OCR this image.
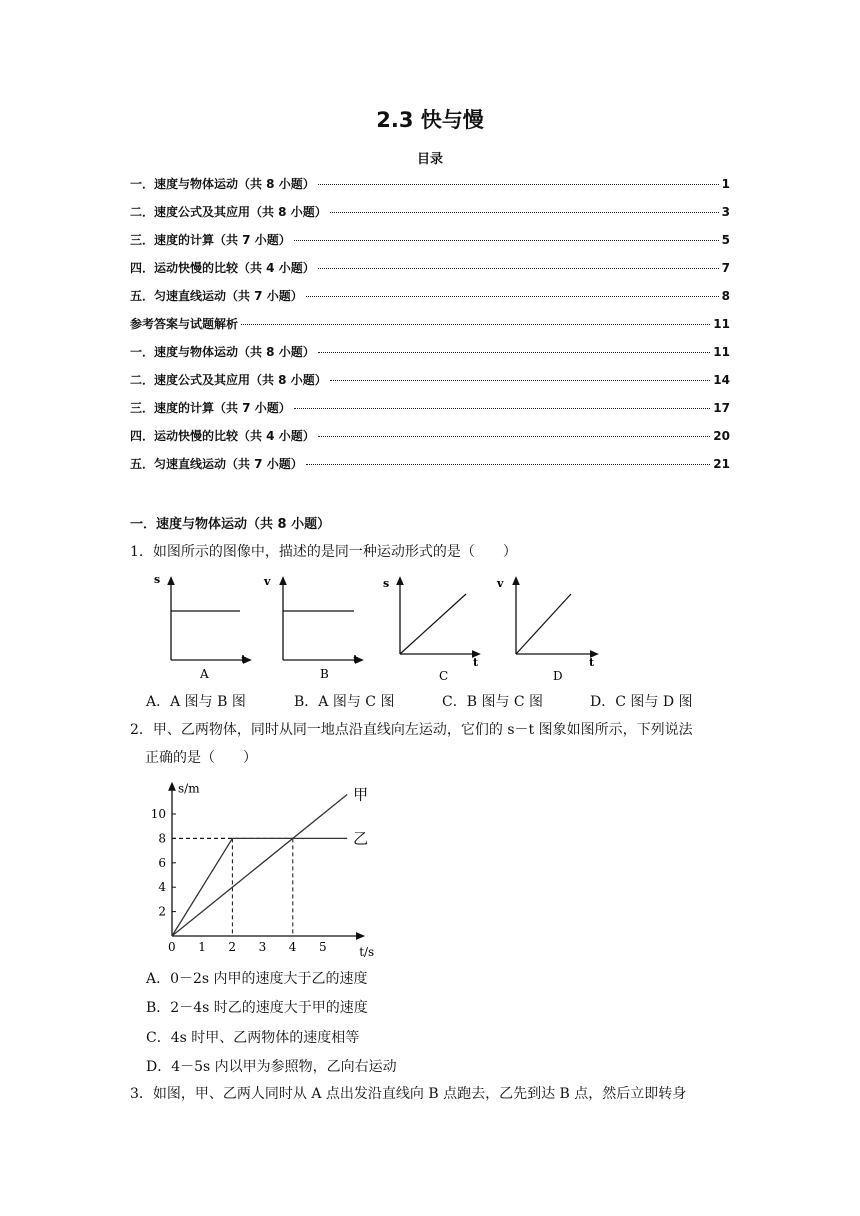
2.3 快与慢
目录
一．速度与物体运动（共 8 小题）	1
二．速度公式及其应用（共 8 小题）	3
三．速度的计算（共 7 小题）	5
四．运动快慢的比较（共 4 小题）	7
五．匀速直线运动（共 7 小题）	8
参考答案与试题解析	11
一．速度与物体运动（共 8 小题）	11
二．速度公式及其应用（共 8 小题）	14
三．速度的计算（共 7 小题）	17
四．运动快慢的比较（共 4 小题）	20
五．匀速直线运动（共 7 小题）	21
一．速度与物体运动（共 8 小题）
1．如图所示的图像中，描述的是同一种运动形式的是（　　）
s
t
A
v
t
B
s
t
C
v
t
D
A．A 图与 B 图	B．A 图与 C 图	C．B 图与 C 图	D．C 图与 D 图
2．甲、乙两物体，同时从同一地点沿直线向左运动，它们的 s－t 图象如图所示，下列说法
正确的是（　　）
0 1 2 3 4 5
2
4
6
8
10
s/m
t/s
甲
乙
A．0－2s 内甲的速度大于乙的速度
B．2－4s 时乙的速度大于甲的速度
C．4s 时甲、乙两物体的速度相等
D．4－5s 内以甲为参照物，乙向右运动
3．如图，甲、乙两人同时从 A 点出发沿直线向 B 点跑去，乙先到达 B 点，然后立即转身
